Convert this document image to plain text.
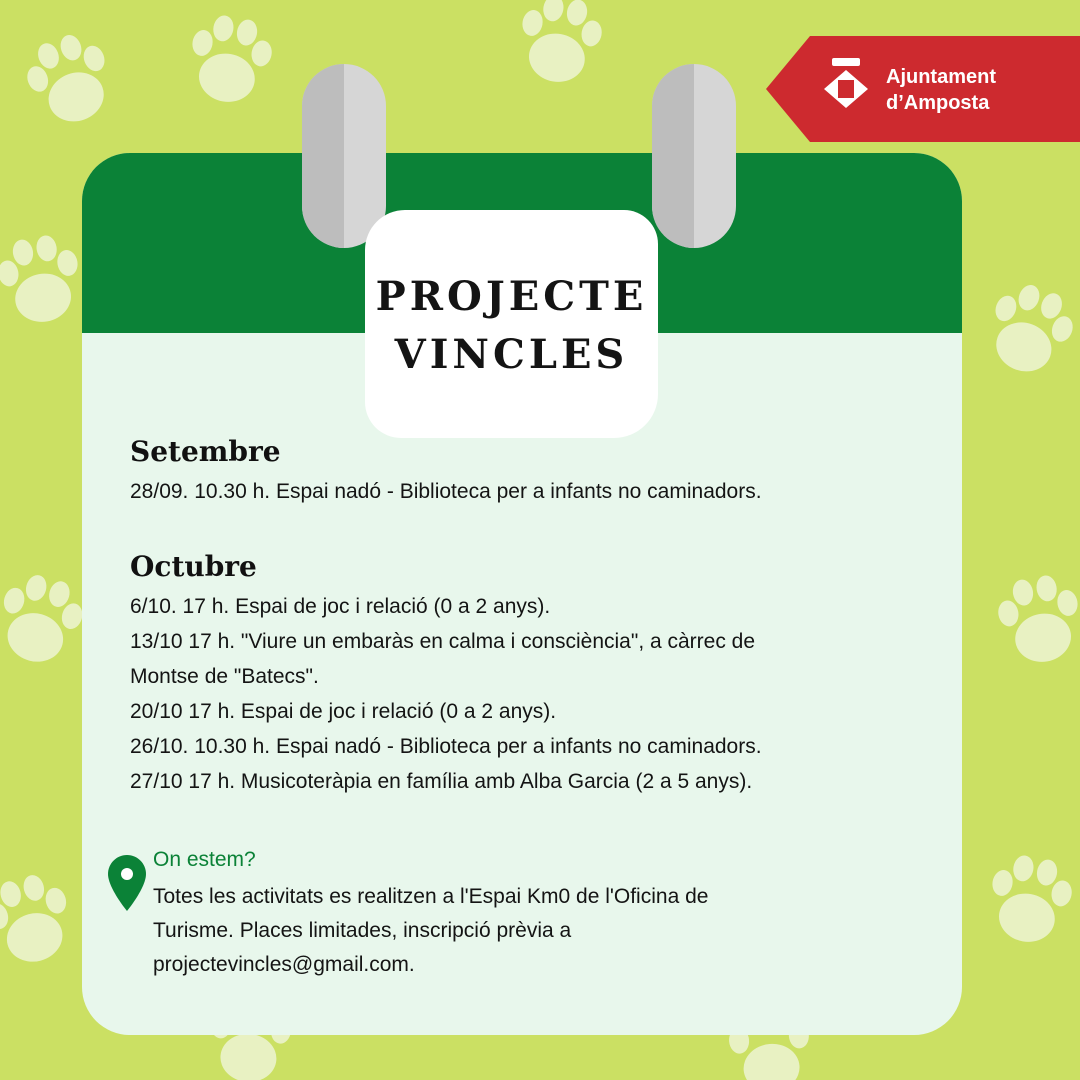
Ajuntament
d’Amposta
PROJECTE
VINCLES
Setembre
28/09. 10.30 h. Espai nadó - Biblioteca per a infants no caminadors.
Octubre
6/10. 17 h. Espai de joc i relació (0 a 2 anys).
13/10 17 h. "Viure un embaràs en calma i consciència", a càrrec de
Montse de "Batecs".
20/10 17 h. Espai de joc i relació (0 a 2 anys).
26/10. 10.30 h. Espai nadó - Biblioteca per a infants no caminadors.
27/10 17 h. Musicoteràpia en família amb Alba Garcia (2 a 5 anys).
On estem?
Totes les activitats es realitzen a l'Espai Km0 de l'Oficina de
Turisme. Places limitades, inscripció prèvia a
projectevincles@gmail.com.
